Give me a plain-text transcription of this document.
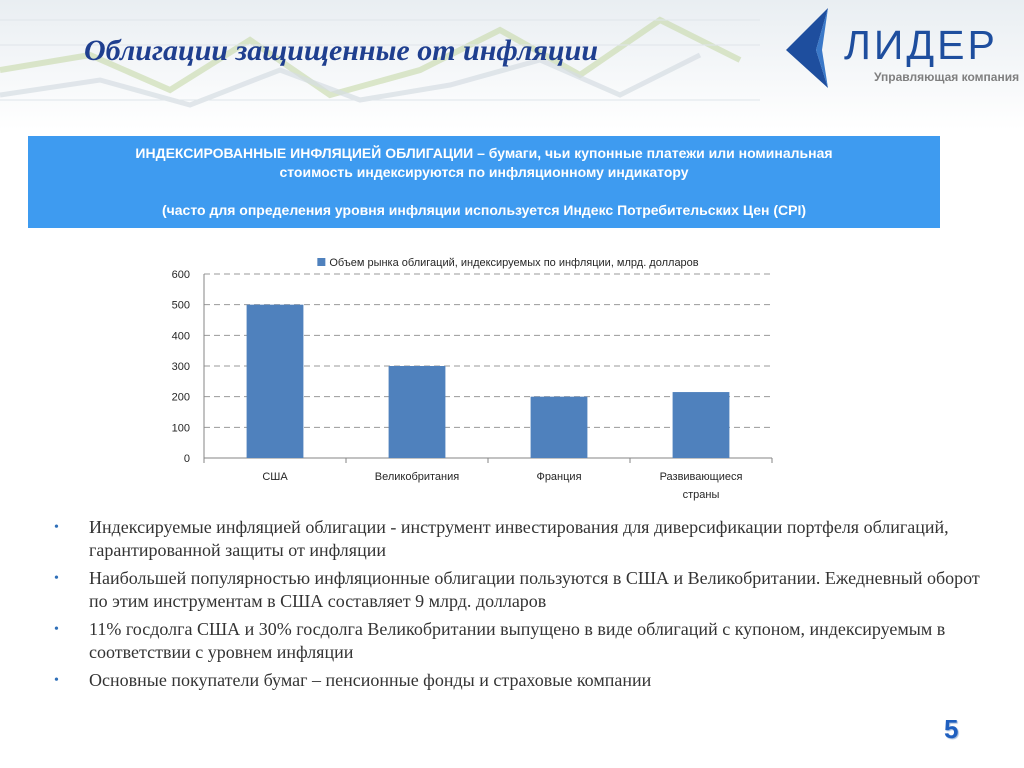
Облигации защищенные от инфляции	ЛИДЕР
Управляющая компания
ИНДЕКСИРОВАННЫЕ ИНФЛЯЦИЕЙ ОБЛИГАЦИИ – бумаги, чьи купонные платежи или номинальная
стоимость индексируются по инфляционному индикатору
(часто для определения уровня инфляции используется Индекс Потребительских Цен (CPI)
Объем рынка облигаций, индексируемых по инфляции, млрд. долларов
0
100
200
300
400
500
600
США	Великобритания	Франция	Развивающиеся
страны
• Индексируемые инфляцией облигации - инструмент инвестирования для диверсификации портфеля облигаций, гарантированной защиты от инфляции
• Наибольшей популярностью инфляционные облигации пользуются в США и Великобритании. Ежедневный оборот по этим инструментам в США составляет 9 млрд. долларов
• 11% госдолга США и 30% госдолга Великобритании выпущено в виде облигаций с купоном, индексируемым в соответствии с уровнем инфляции
• Основные покупатели бумаг – пенсионные фонды и страховые компании
5
